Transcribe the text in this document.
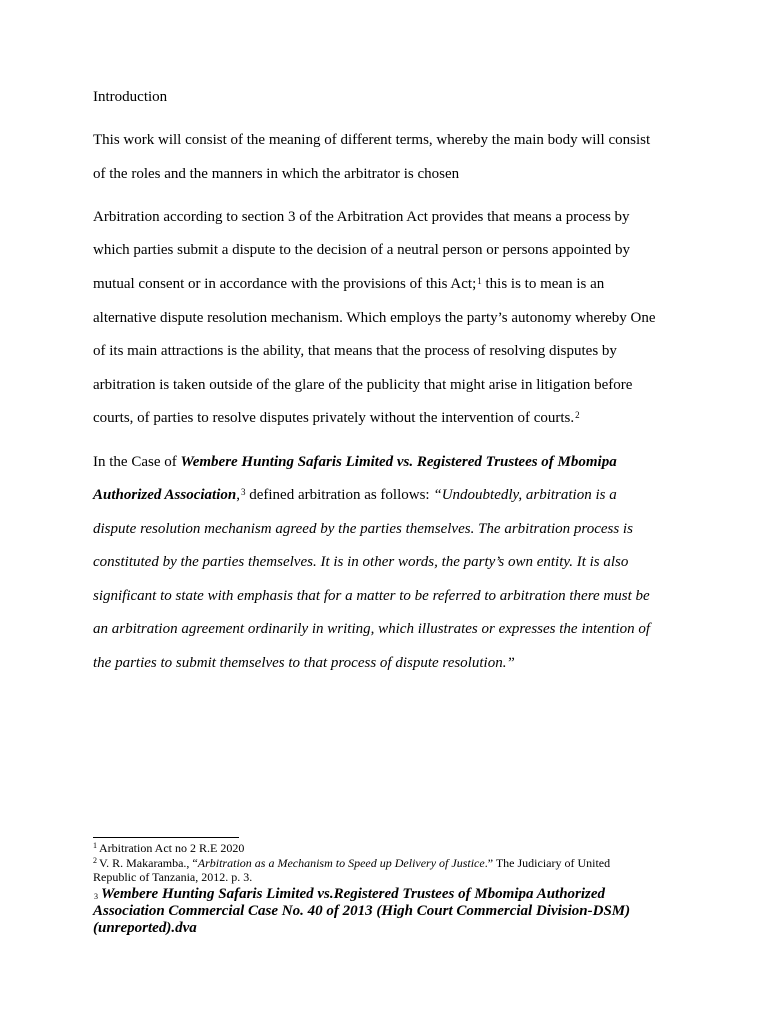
Introduction
This work will consist of the meaning of different terms, whereby the main body will consist
of the roles and the manners in which the arbitrator is chosen
Arbitration according to section 3 of the Arbitration Act provides that means a process by
which parties submit a dispute to the decision of a neutral person or persons appointed by
mutual consent or in accordance with the provisions of this Act;$^1$ this is to mean is an
alternative dispute resolution mechanism. Which employs the party’s autonomy whereby One
of its main attractions is the ability, that means that the process of resolving disputes by
arbitration is taken outside of the glare of the publicity that might arise in litigation before
courts, of parties to resolve disputes privately without the intervention of courts.$^2$
In the Case of Wembere Hunting Safaris Limited vs. Registered Trustees of Mbomipa
Authorized Association,$^3$ defined arbitration as follows: “Undoubtedly, arbitration is a
dispute resolution mechanism agreed by the parties themselves. The arbitration process is
constituted by the parties themselves. It is in other words, the party’s own entity. It is also
significant to state with emphasis that for a matter to be referred to arbitration there must be
an arbitration agreement ordinarily in writing, which illustrates or expresses the intention of
the parties to submit themselves to that process of dispute resolution.”
$^1$ Arbitration Act no 2 R.E 2020
$^2$ V. R. Makaramba., “Arbitration as a Mechanism to Speed up Delivery of Justice.” The Judiciary of United
Republic of Tanzania, 2012. p. 3.
$^3$ Wembere Hunting Safaris Limited vs.Registered Trustees of Mbomipa Authorized Association Commercial Case No. 40 of 2013 (High Court Commercial Division-DSM) (unreported).dva
